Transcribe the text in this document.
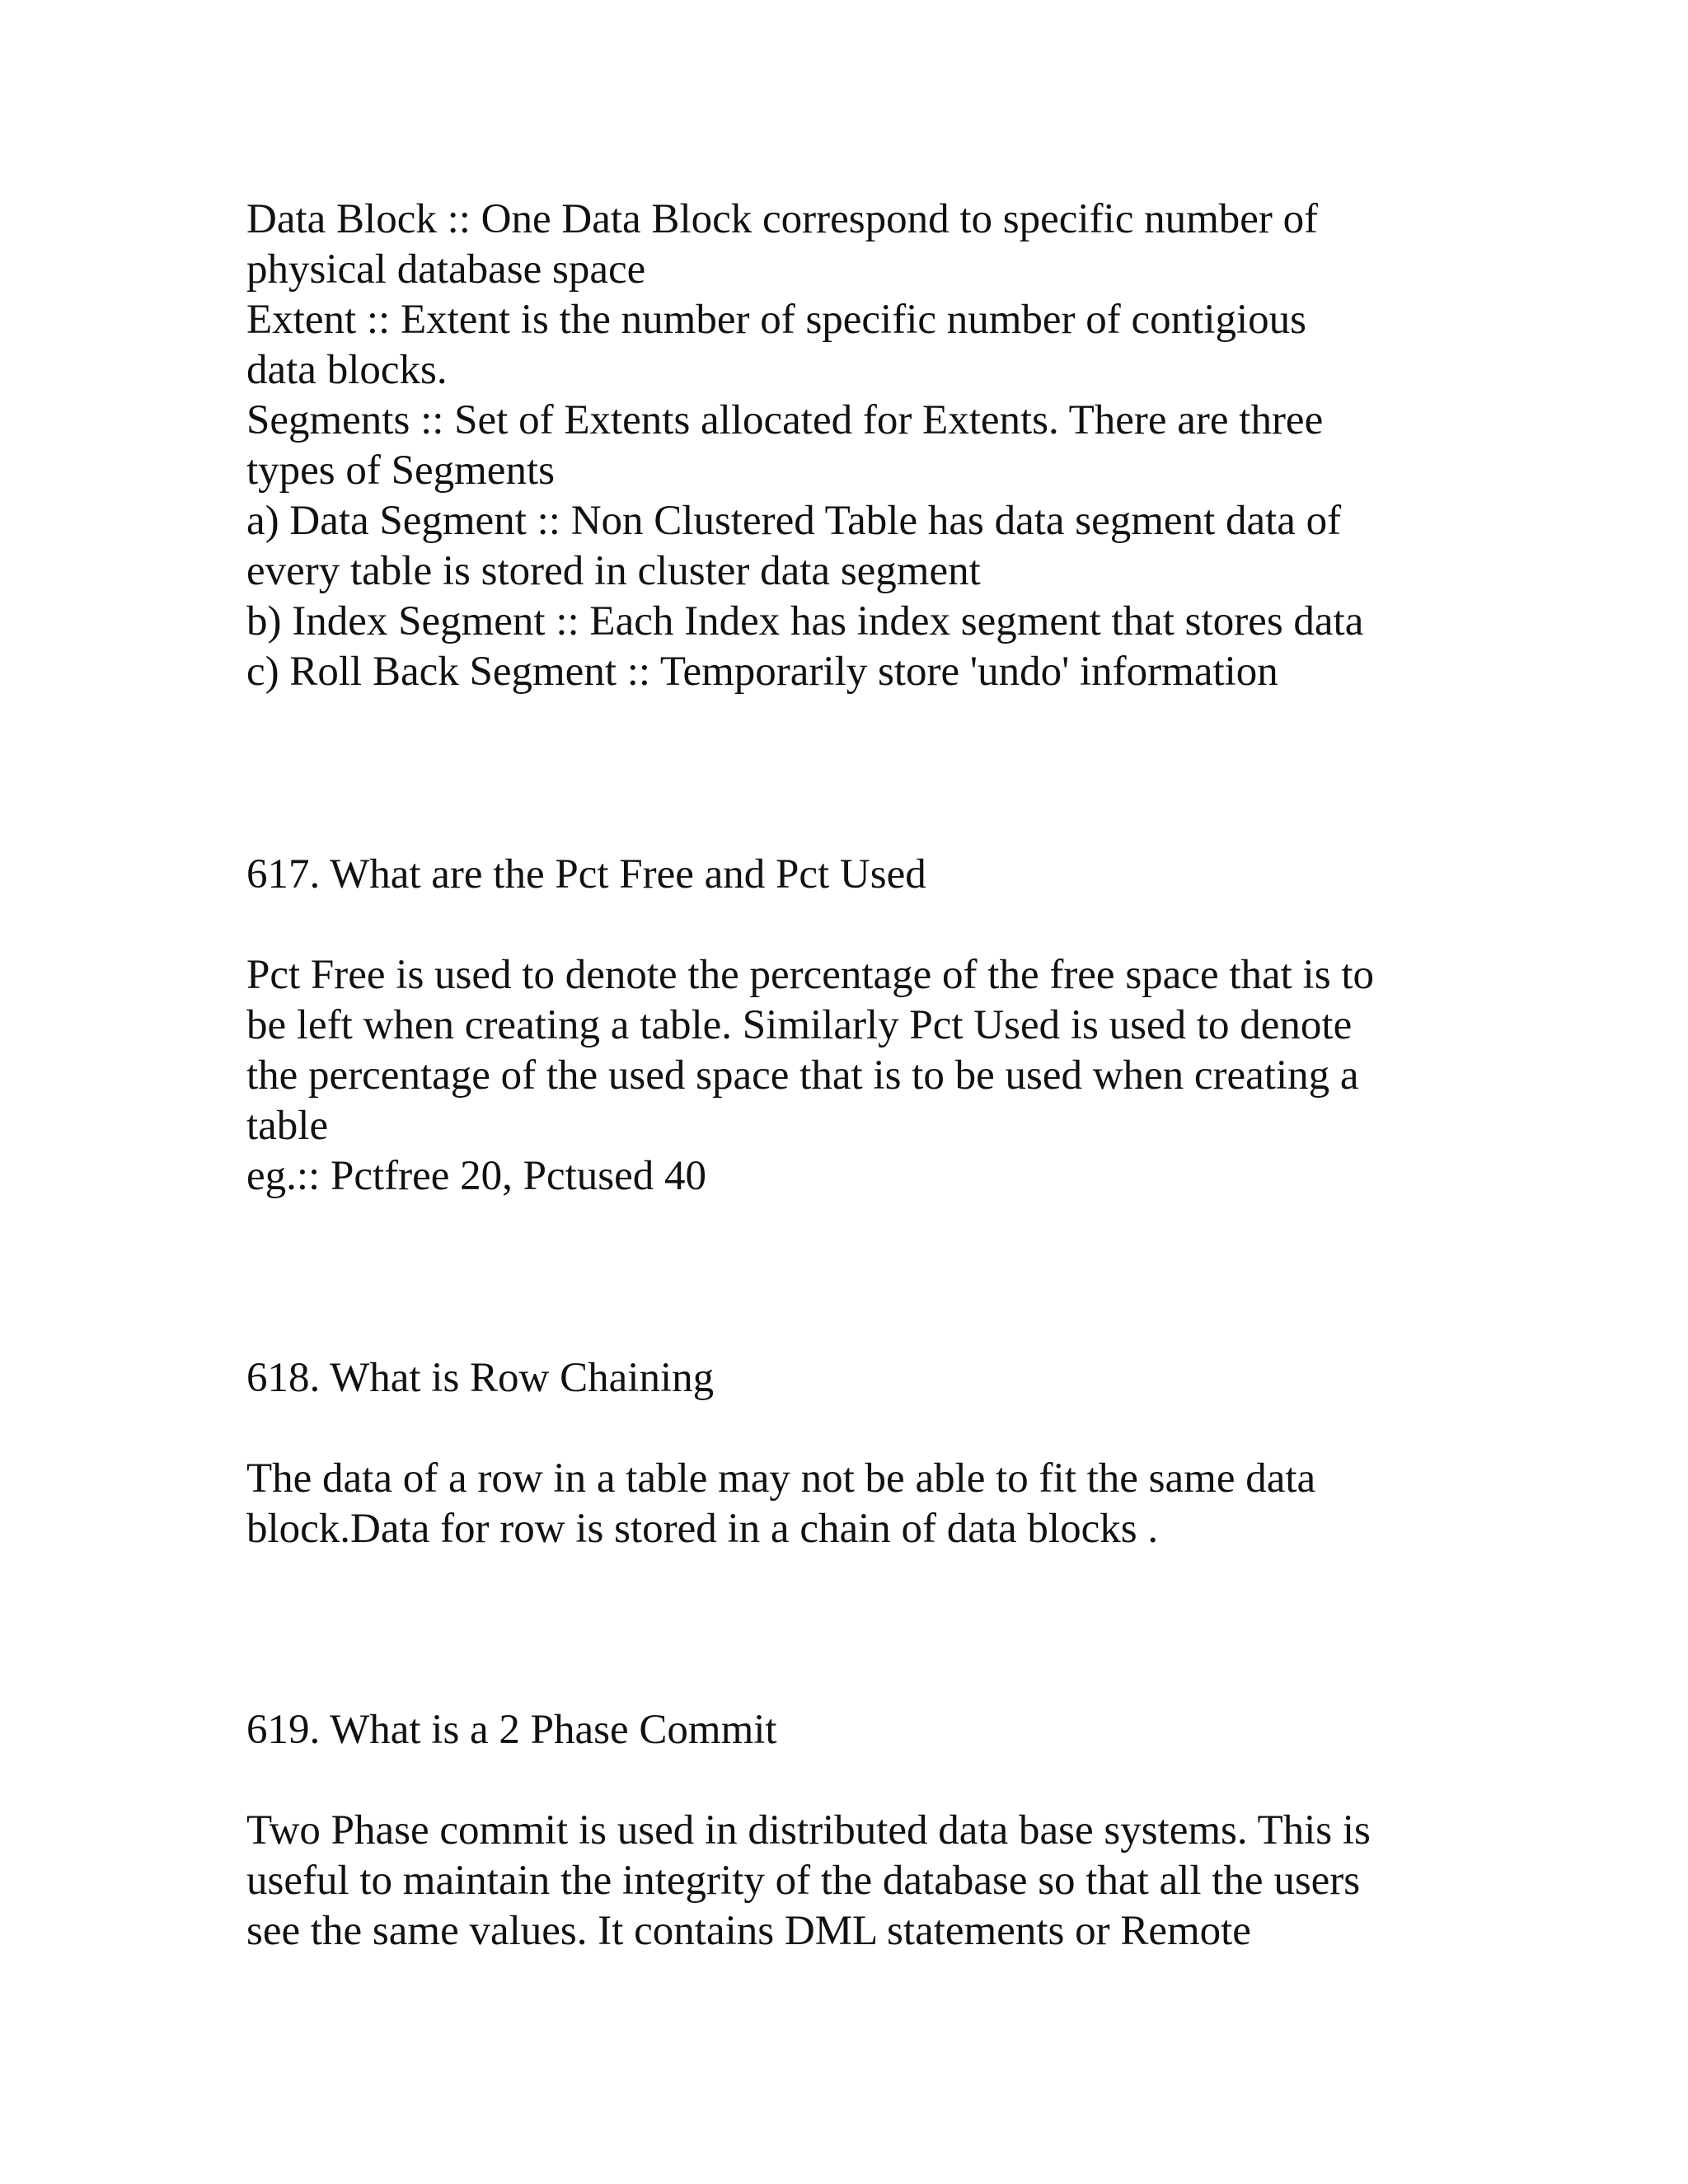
Data Block :: One Data Block correspond to specific number of
physical database space
Extent :: Extent is the number of specific number of contigious
data blocks.
Segments :: Set of Extents allocated for Extents. There are three
types of Segments
a) Data Segment :: Non Clustered Table has data segment data of
every table is stored in cluster data segment
b) Index Segment :: Each Index has index segment that stores data
c) Roll Back Segment :: Temporarily store 'undo' information
617. What are the Pct Free and Pct Used
Pct Free is used to denote the percentage of the free space that is to
be left when creating a table. Similarly Pct Used is used to denote
the percentage of the used space that is to be used when creating a
table
eg.:: Pctfree 20, Pctused 40
618. What is Row Chaining
The data of a row in a table may not be able to fit the same data
block.Data for row is stored in a chain of data blocks .
619. What is a 2 Phase Commit
Two Phase commit is used in distributed data base systems. This is
useful to maintain the integrity of the database so that all the users
see the same values. It contains DML statements or Remote
